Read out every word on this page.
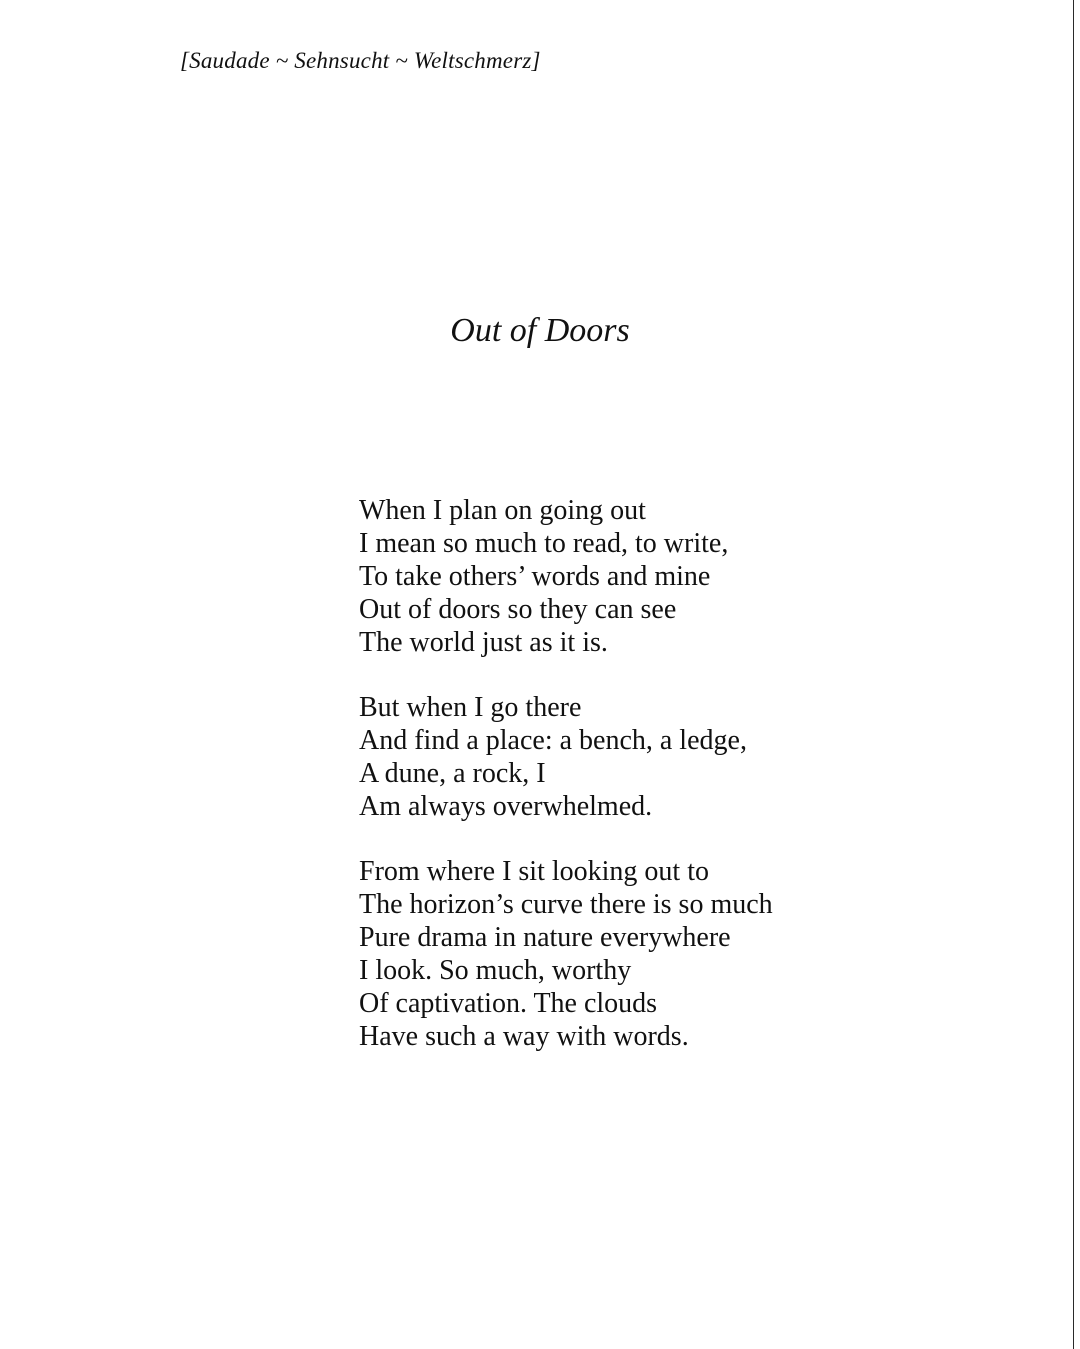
[Saudade ~ Sehnsucht ~ Weltschmerz]
Out of Doors
When I plan on going out
I mean so much to read, to write,
To take others’ words and mine
Out of doors so they can see
The world just as it is.
But when I go there
And find a place: a bench, a ledge,
A dune, a rock, I
Am always overwhelmed.
From where I sit looking out to
The horizon’s curve there is so much
Pure drama in nature everywhere
I look. So much, worthy
Of captivation. The clouds
Have such a way with words.
